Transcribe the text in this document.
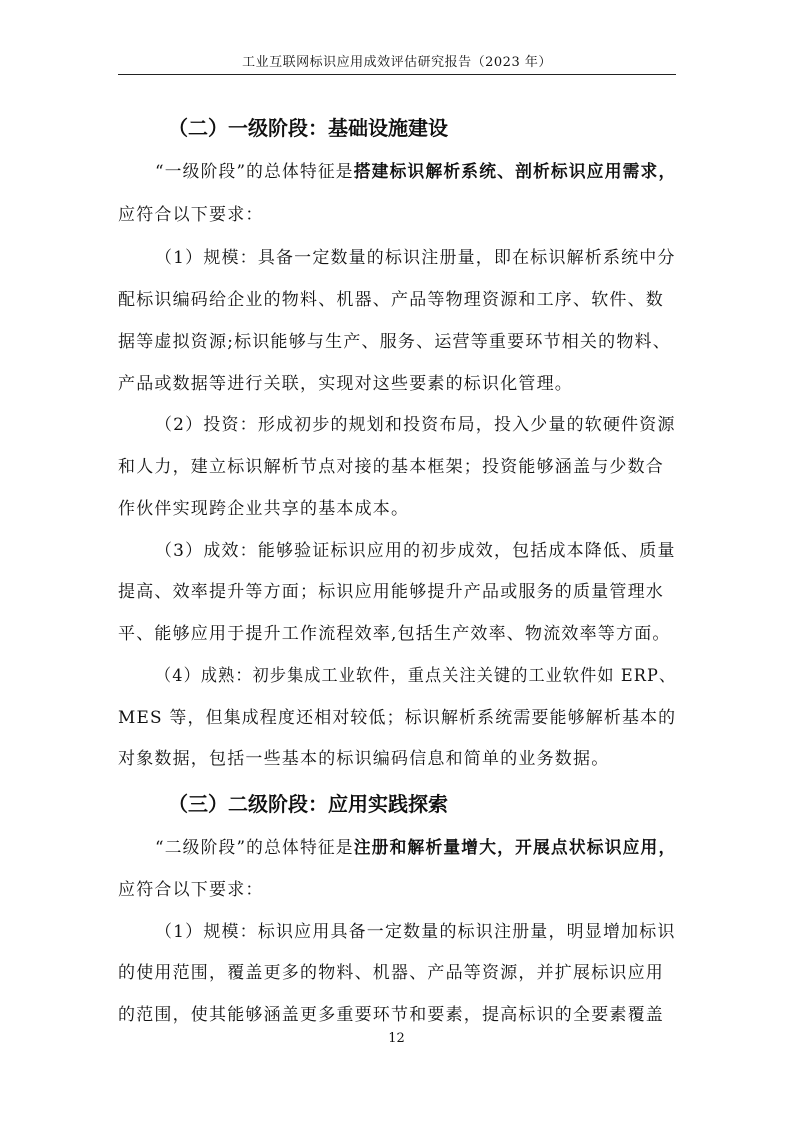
工业互联网标识应用成效评估研究报告（2023 年）
（二）一级阶段：基础设施建设
“一级阶段”的总体特征是搭建标识解析系统、剖析标识应用需求，
应符合以下要求：
（1）规模：具备一定数量的标识注册量，即在标识解析系统中分
配标识编码给企业的物料、机器、产品等物理资源和工序、软件、数
据等虚拟资源;标识能够与生产、服务、运营等重要环节相关的物料、
产品或数据等进行关联，实现对这些要素的标识化管理。
（2）投资：形成初步的规划和投资布局，投入少量的软硬件资源
和人力，建立标识解析节点对接的基本框架；投资能够涵盖与少数合
作伙伴实现跨企业共享的基本成本。
（3）成效：能够验证标识应用的初步成效，包括成本降低、质量
提高、效率提升等方面；标识应用能够提升产品或服务的质量管理水
平、能够应用于提升工作流程效率,包括生产效率、物流效率等方面。
（4）成熟：初步集成工业软件，重点关注关键的工业软件如 ERP、
MES 等，但集成程度还相对较低；标识解析系统需要能够解析基本的
对象数据，包括一些基本的标识编码信息和简单的业务数据。
（三）二级阶段：应用实践探索
“二级阶段”的总体特征是注册和解析量增大，开展点状标识应用，
应符合以下要求：
（1）规模：标识应用具备一定数量的标识注册量，明显增加标识
的使用范围，覆盖更多的物料、机器、产品等资源，并扩展标识应用
的范围，使其能够涵盖更多重要环节和要素，提高标识的全要素覆盖
12
